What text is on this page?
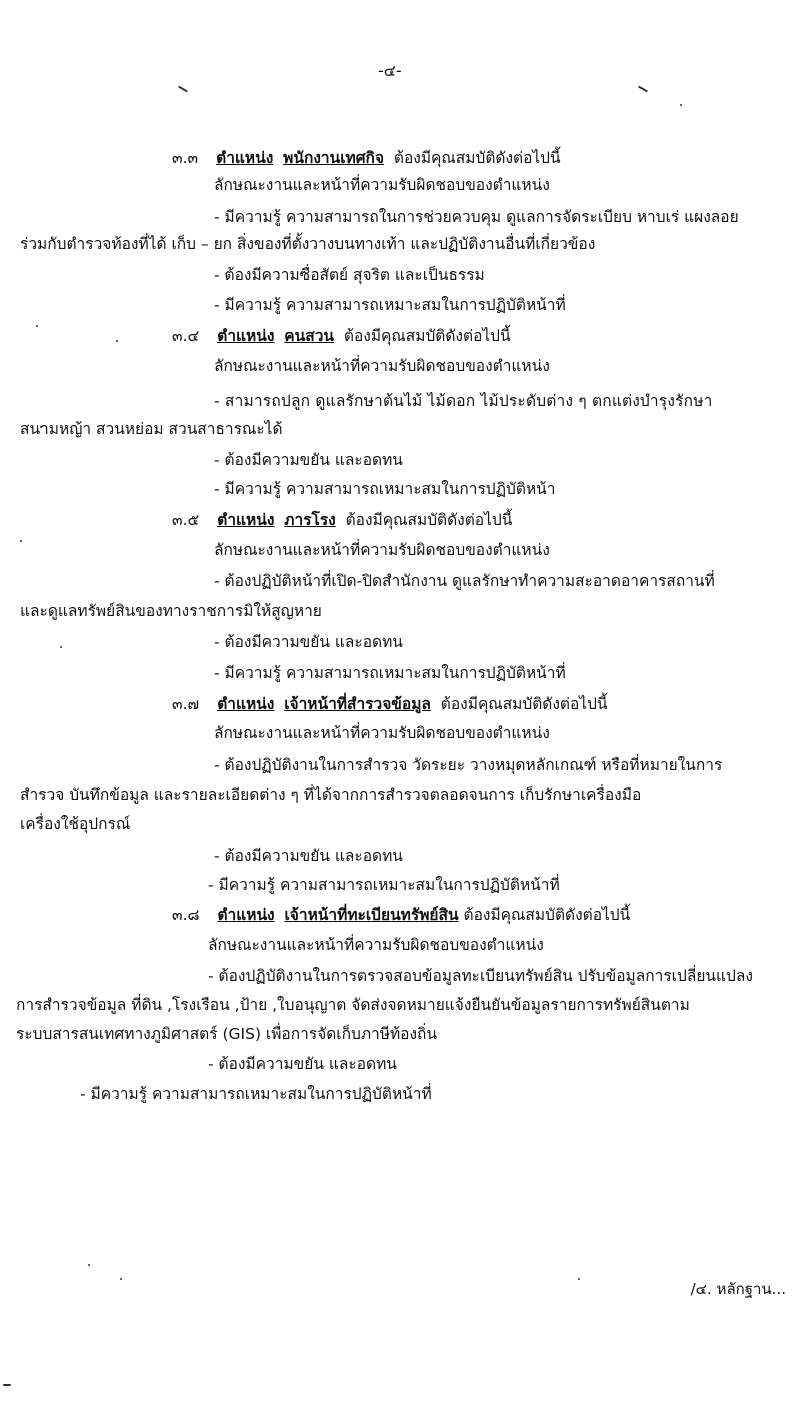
-๔-
๓.๓ ตำแหน่ง พนักงานเทศกิจ ต้องมีคุณสมบัติดังต่อไปนี้
ลักษณะงานและหน้าที่ความรับผิดชอบของตำแหน่ง
- มีความรู้ ความสามารถในการช่วยควบคุม ดูแลการจัดระเบียบ หาบเร่ แผงลอย
ร่วมกับตำรวจท้องที่ได้ เก็บ – ยก สิ่งของที่ตั้งวางบนทางเท้า และปฏิบัติงานอื่นที่เกี่ยวข้อง
- ต้องมีความซื่อสัตย์ สุจริต และเป็นธรรม
- มีความรู้ ความสามารถเหมาะสมในการปฏิบัติหน้าที่
๓.๔ ตำแหน่ง คนสวน ต้องมีคุณสมบัติดังต่อไปนี้
ลักษณะงานและหน้าที่ความรับผิดชอบของตำแหน่ง
- สามารถปลูก ดูแลรักษาต้นไม้ ไม้ดอก ไม้ประดับต่าง ๆ ตกแต่งบำรุงรักษา
สนามหญ้า สวนหย่อม สวนสาธารณะได้
- ต้องมีความขยัน และอดทน
- มีความรู้ ความสามารถเหมาะสมในการปฏิบัติหน้า
๓.๕ ตำแหน่ง ภารโรง ต้องมีคุณสมบัติดังต่อไปนี้
ลักษณะงานและหน้าที่ความรับผิดชอบของตำแหน่ง
- ต้องปฏิบัติหน้าที่เปิด-ปิดสำนักงาน ดูแลรักษาทำความสะอาดอาคารสถานที่
และดูแลทรัพย์สินของทางราชการมิให้สูญหาย
- ต้องมีความขยัน และอดทน
- มีความรู้ ความสามารถเหมาะสมในการปฏิบัติหน้าที่
๓.๗ ตำแหน่ง เจ้าหน้าที่สำรวจข้อมูล ต้องมีคุณสมบัติดังต่อไปนี้
ลักษณะงานและหน้าที่ความรับผิดชอบของตำแหน่ง
- ต้องปฏิบัติงานในการสำรวจ วัดระยะ วางหมุดหลักเกณฑ์ หรือที่หมายในการ
สำรวจ บันทึกข้อมูล และรายละเอียดต่าง ๆ ที่ได้จากการสำรวจตลอดจนการ เก็บรักษาเครื่องมือ
เครื่องใช้อุปกรณ์
- ต้องมีความขยัน และอดทน
- มีความรู้ ความสามารถเหมาะสมในการปฏิบัติหน้าที่
๓.๘ ตำแหน่ง เจ้าหน้าที่ทะเบียนทรัพย์สิน ต้องมีคุณสมบัติดังต่อไปนี้
ลักษณะงานและหน้าที่ความรับผิดชอบของตำแหน่ง
- ต้องปฏิบัติงานในการตรวจสอบข้อมูลทะเบียนทรัพย์สิน ปรับข้อมูลการเปลี่ยนแปลง
การสำรวจข้อมูล ที่ดิน ,โรงเรือน ,ป้าย ,ใบอนุญาต จัดส่งจดหมายแจ้งยืนยันข้อมูลรายการทรัพย์สินตาม
ระบบสารสนเทศทางภูมิศาสตร์ (GIS) เพื่อการจัดเก็บภาษีท้องถิ่น
- ต้องมีความขยัน และอดทน
- มีความรู้ ความสามารถเหมาะสมในการปฏิบัติหน้าที่
/๔. หลักฐาน...
